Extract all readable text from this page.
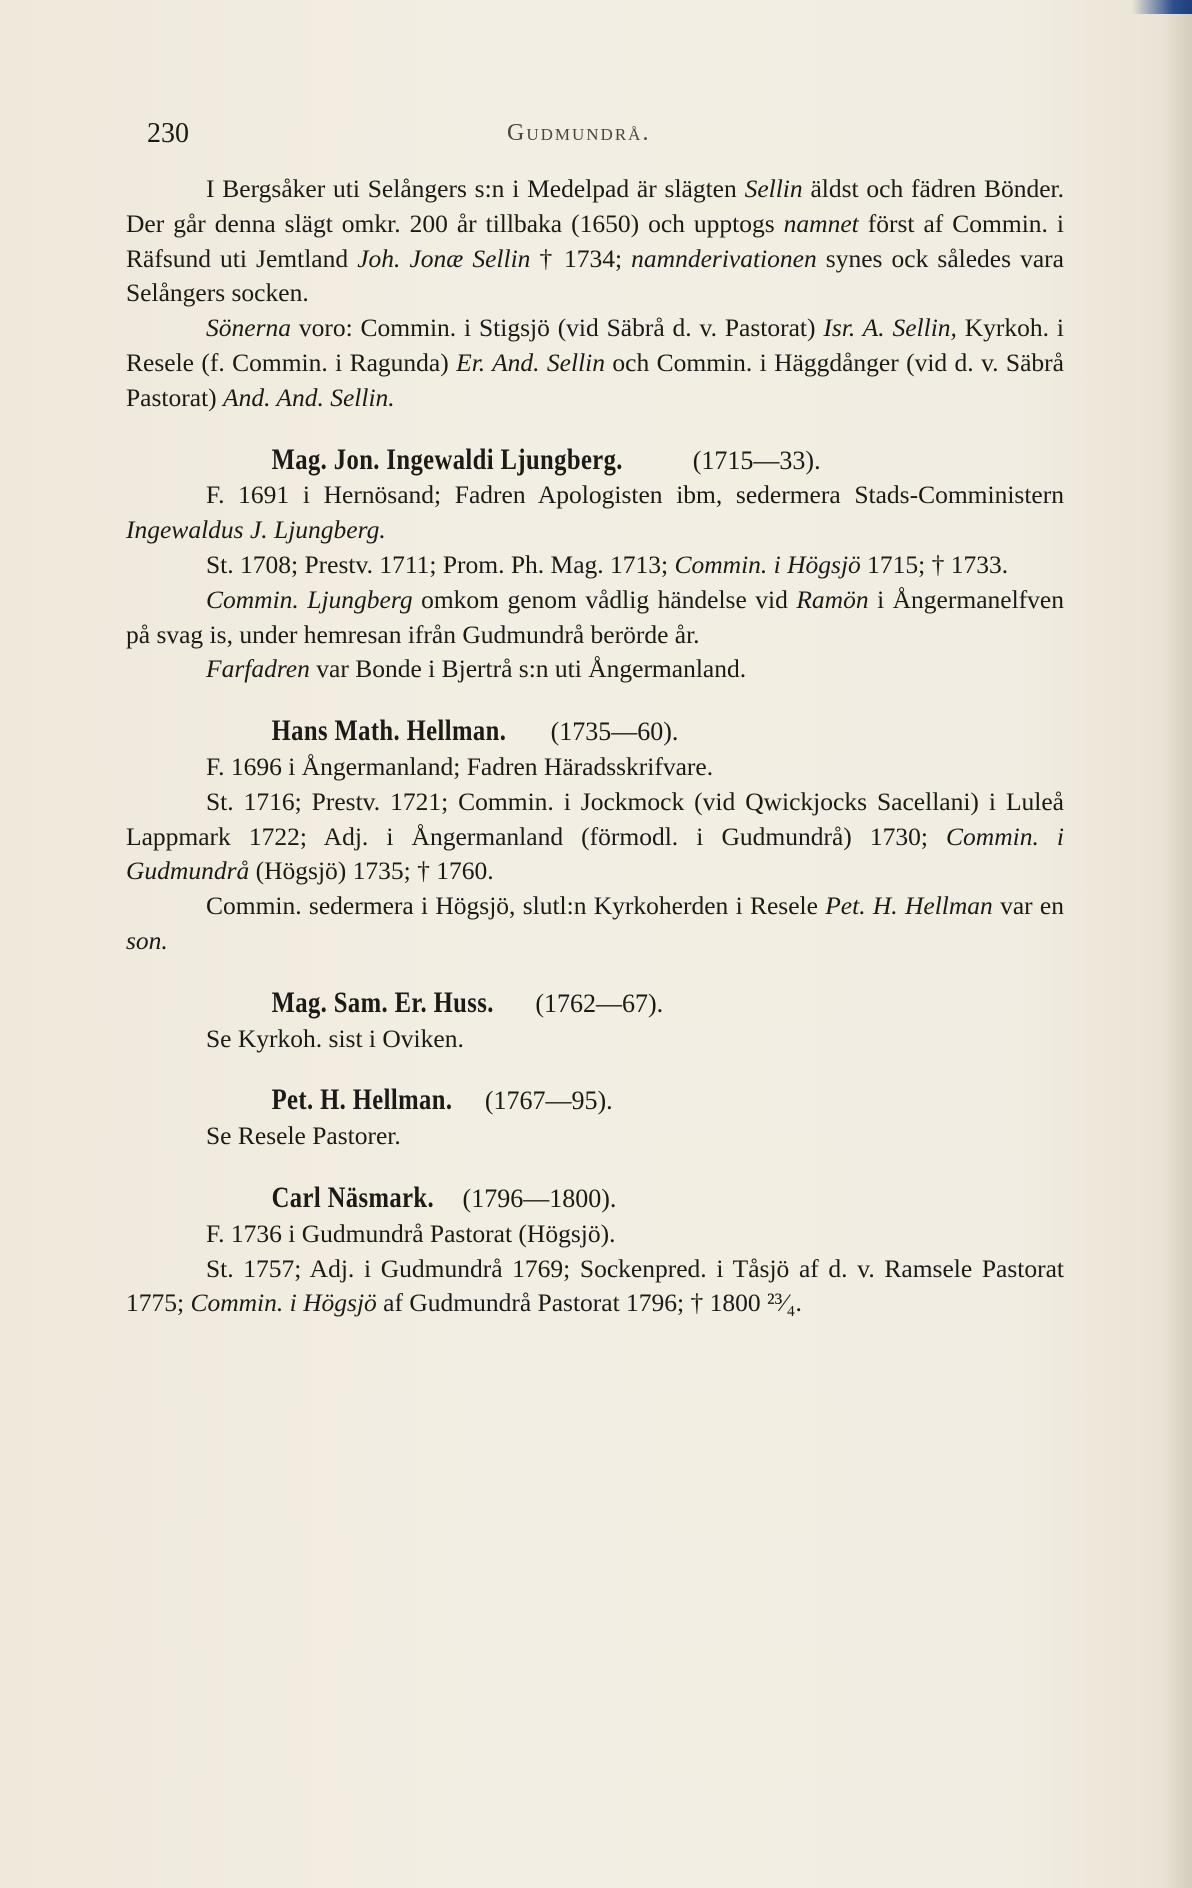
230	Gudmundrå.

I Bergsåker uti Selångers s:n i Medelpad är slägten Sellin äldst och fädren Bönder. Der går denna slägt omkr. 200 år tillbaka (1650) och upptogs namnet först af Commin. i Räfsund uti Jemtland Joh. Jonæ Sellin † 1734; namnderivationen synes ock således vara Selångers socken.

Sönerna voro: Commin. i Stigsjö (vid Säbrå d. v. Pastorat) Isr. A. Sellin, Kyrkoh. i Resele (f. Commin. i Ragunda) Er. And. Sellin och Commin. i Häggdånger (vid d. v. Säbrå Pastorat) And. And. Sellin.

Mag. Jon. Ingewaldi Ljungberg.	(1715—33).

F. 1691 i Hernösand; Fadren Apologisten ibm, sedermera Stads-Comministern Ingewaldus J. Ljungberg.

St. 1708; Prestv. 1711; Prom. Ph. Mag. 1713; Commin. i Högsjö 1715; † 1733.

Commin. Ljungberg omkom genom vådlig händelse vid Ramön i Ångermanelfven på svag is, under hemresan ifrån Gudmundrå berörde år.

Farfadren var Bonde i Bjertrå s:n uti Ångermanland.

Hans Math. Hellman. (1735—60).

F. 1696 i Ångermanland; Fadren Häradsskrifvare.

St. 1716; Prestv. 1721; Commin. i Jockmock (vid Qwickjocks Sacellani) i Luleå Lappmark 1722; Adj. i Ångermanland (förmodl. i Gudmundrå) 1730; Commin. i Gudmundrå (Högsjö) 1735; † 1760.

Commin. sedermera i Högsjö, slutl:n Kyrkoherden i Resele Pet. H. Hellman var en son.

Mag. Sam. Er. Huss. (1762—67).

Se Kyrkoh. sist i Oviken.

Pet. H. Hellman. (1767—95).

Se Resele Pastorer.

Carl Näsmark. (1796—1800).

F. 1736 i Gudmundrå Pastorat (Högsjö).

St. 1757; Adj. i Gudmundrå 1769; Sockenpred. i Tåsjö af d. v. Ramsele Pastorat 1775; Commin. i Högsjö af Gudmundrå Pastorat 1796; † 1800 ²³⁄₄.
